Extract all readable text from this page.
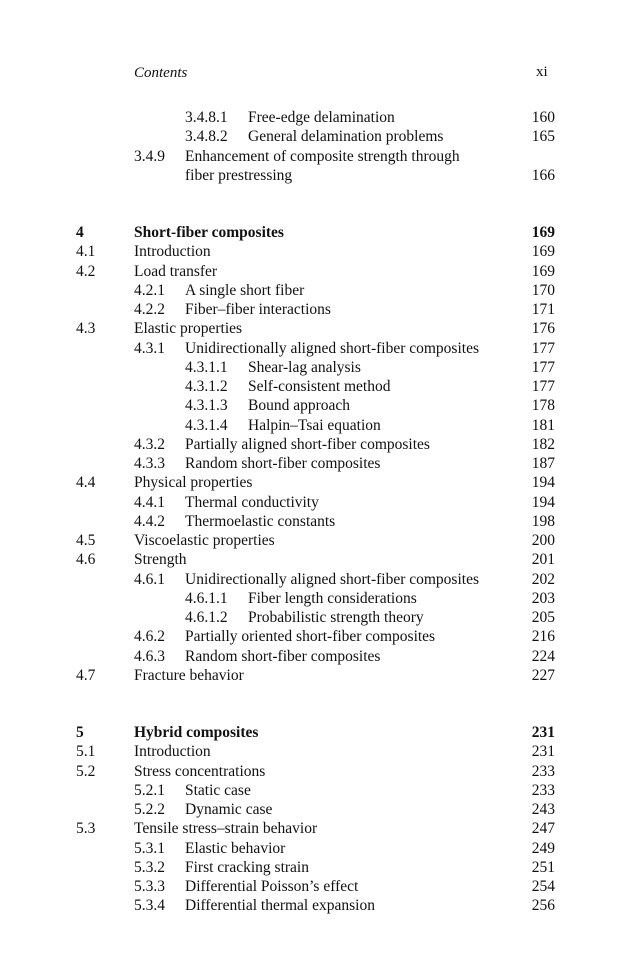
Contents	xi
3.4.8.1 Free-edge delamination	160
3.4.8.2 General delamination problems	165
3.4.9 Enhancement of composite strength through
fiber prestressing	166
4	Short-fiber composites	169
4.1 Introduction	169
4.2 Load transfer	169
4.2.1 A single short fiber	170
4.2.2 Fiber–fiber interactions	171
4.3 Elastic properties	176
4.3.1 Unidirectionally aligned short-fiber composites	177
4.3.1.1 Shear-lag analysis	177
4.3.1.2 Self-consistent method	177
4.3.1.3 Bound approach	178
4.3.1.4 Halpin–Tsai equation	181
4.3.2 Partially aligned short-fiber composites	182
4.3.3 Random short-fiber composites	187
4.4 Physical properties	194
4.4.1 Thermal conductivity	194
4.4.2 Thermoelastic constants	198
4.5 Viscoelastic properties	200
4.6 Strength	201
4.6.1 Unidirectionally aligned short-fiber composites	202
4.6.1.1 Fiber length considerations	203
4.6.1.2 Probabilistic strength theory	205
4.6.2 Partially oriented short-fiber composites	216
4.6.3 Random short-fiber composites	224
4.7 Fracture behavior	227
5	Hybrid composites	231
5.1 Introduction	231
5.2 Stress concentrations	233
5.2.1 Static case	233
5.2.2 Dynamic case	243
5.3 Tensile stress–strain behavior	247
5.3.1 Elastic behavior	249
5.3.2 First cracking strain	251
5.3.3 Differential Poisson’s effect	254
5.3.4 Differential thermal expansion	256
